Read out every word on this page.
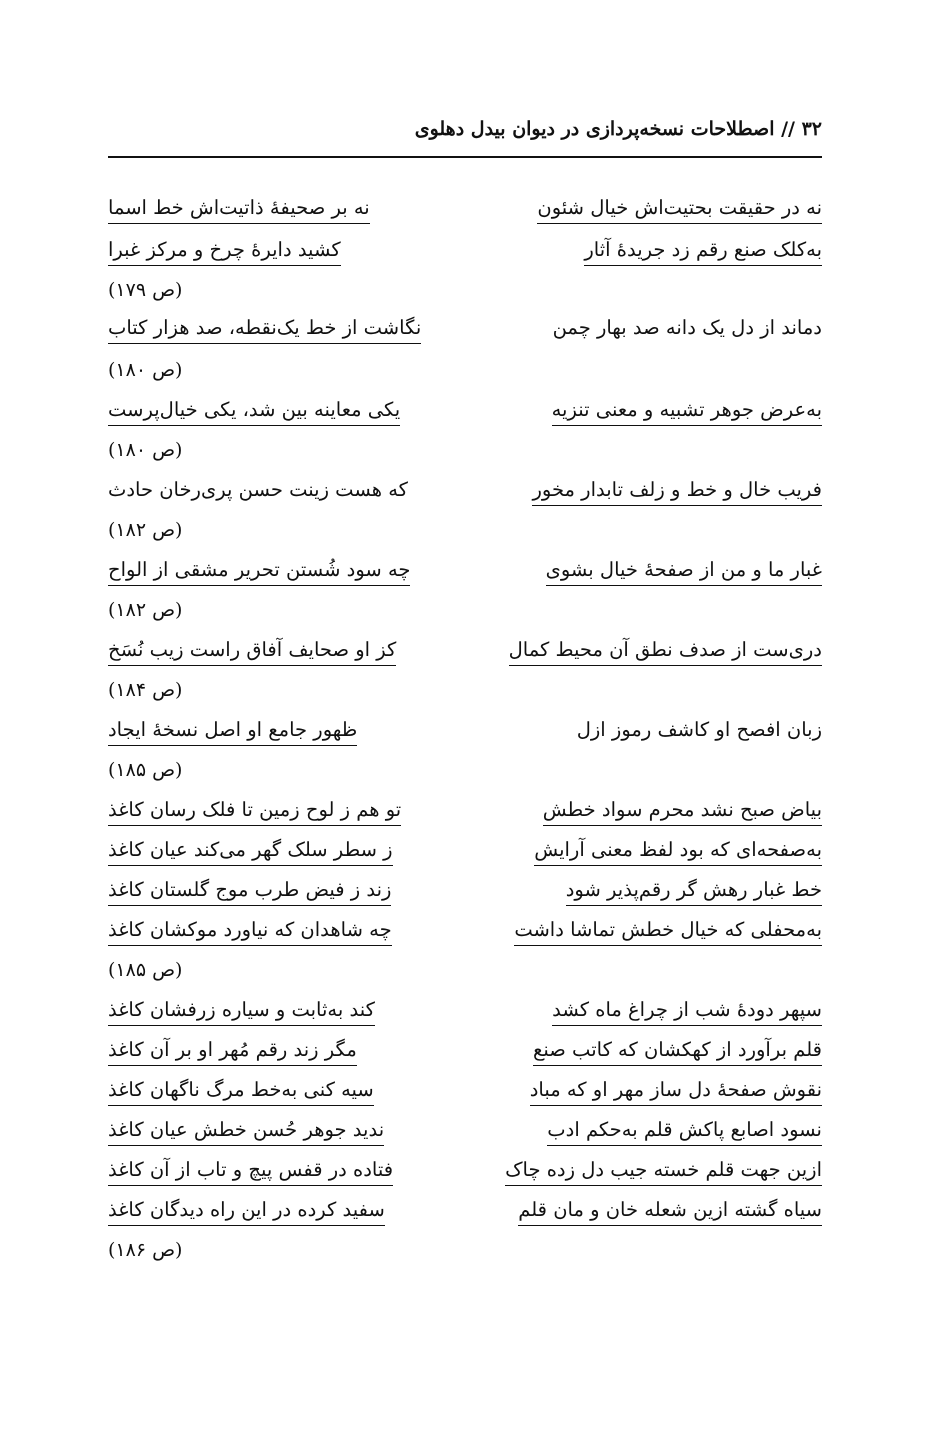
۳۲ // اصطلاحات نسخه‌پردازی در دیوان بیدل دهلوی
نه در حقیقت بحتیت‌اش خیال شئون
نه بر صحیفهٔ ذاتیت‌اش خط اسما
به‌کلک صنع رقم زد جریدهٔ آثار
کشید دایرهٔ چرخ و مرکز غبرا
(ص ۱۷۹)
دماند از دل یک دانه صد بهار چمن
نگاشت از خط یک‌نقطه، صد هزار کتاب
(ص ۱۸۰)
به‌عرض جوهر تشبیه و معنی تنزیه
یکی معاینه بین شد، یکی خیال‌پرست
(ص ۱۸۰)
فریب خال و خط و زلف تابدار مخور
که هست زینت حسن پری‌رخان حادث
(ص ۱۸۲)
غبار ما و من از صفحهٔ خیال بشوی
چه سود شُستن تحریر مشقی از الواح
(ص ۱۸۲)
دری‌ست از صدف نطق آن محیط کمال
کز او صحایف آفاق راست زیب نُسَخ
(ص ۱۸۴)
زبان افصح او کاشف رموز ازل
ظهور جامع او اصل نسخهٔ ایجاد
(ص ۱۸۵)
بیاض صبح نشد محرم سواد خطش
تو هم ز لوح زمین تا فلک رسان کاغذ
به‌صفحه‌ای که بود لفظ معنی آرایش
ز سطر سلک گهر می‌کند عیان کاغذ
خط غبار رهش گر رقم‌پذیر شود
زند ز فیض طرب موج گلستان کاغذ
به‌محفلی که خیال خطش تماشا داشت
چه شاهدان که نیاورد موکشان کاغذ
(ص ۱۸۵)
سپهر دودهٔ شب از چراغ ماه کشد
کند به‌ثابت و سیاره زرفشان کاغذ
قلم برآورد از کهکشان که کاتب صنع
مگر زند رقم مُهر او بر آن کاغذ
نقوش صفحهٔ دل ساز مهر او که مباد
سیه کنی به‌خط مرگ ناگهان کاغذ
نسود اصابع پاکش قلم به‌حکم ادب
ندید جوهر حُسن خطش عیان کاغذ
ازین جهت قلم خسته جیب دل زده چاک
فتاده در قفس پیچ و تاب از آن کاغذ
سیاه گشته ازین شعله خان و مان قلم
سفید کرده در این راه دیدگان کاغذ
(ص ۱۸۶)
